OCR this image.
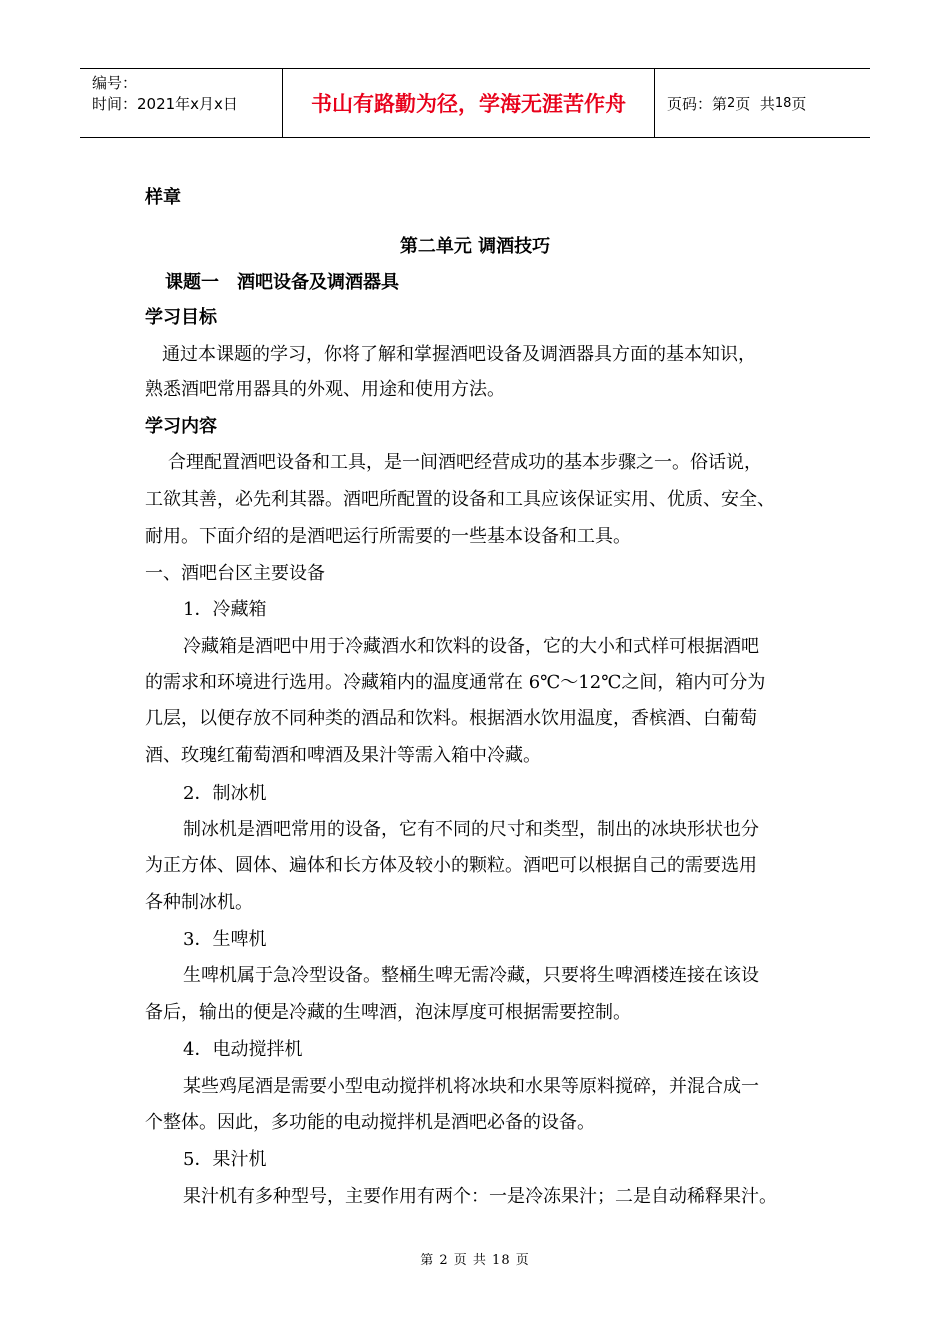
编号：
时间：2021年x月x日	书山有路勤为径，学海无涯苦作舟	页码：第 2 页  共 18 页
样章
第二单元 调酒技巧
课题一　酒吧设备及调酒器具
学习目标
通过本课题的学习，你将了解和掌握酒吧设备及调酒器具方面的基本知识，
熟悉酒吧常用器具的外观、用途和使用方法。
学习内容
合理配置酒吧设备和工具，是一间酒吧经营成功的基本步骤之一。俗话说，
工欲其善，必先利其器。酒吧所配置的设备和工具应该保证实用、优质、安全、
耐用。下面介绍的是酒吧运行所需要的一些基本设备和工具。
一、酒吧台区主要设备
1．冷藏箱
冷藏箱是酒吧中用于冷藏酒水和饮料的设备，它的大小和式样可根据酒吧
的需求和环境进行选用。冷藏箱内的温度通常在 6℃～12℃之间，箱内可分为
几层，以便存放不同种类的酒品和饮料。根据酒水饮用温度，香槟酒、白葡萄
酒、玫瑰红葡萄酒和啤酒及果汁等需入箱中冷藏。
2．制冰机
制冰机是酒吧常用的设备，它有不同的尺寸和类型，制出的冰块形状也分
为正方体、圆体、遍体和长方体及较小的颗粒。酒吧可以根据自己的需要选用
各种制冰机。
3．生啤机
生啤机属于急冷型设备。整桶生啤无需冷藏，只要将生啤酒楼连接在该设
备后，输出的便是冷藏的生啤酒，泡沫厚度可根据需要控制。
4．电动搅拌机
某些鸡尾酒是需要小型电动搅拌机将冰块和水果等原料搅碎，并混合成一
个整体。因此，多功能的电动搅拌机是酒吧必备的设备。
5．果汁机
果汁机有多种型号，主要作用有两个：一是冷冻果汁；二是自动稀释果汁。
第 2 页 共 18 页
